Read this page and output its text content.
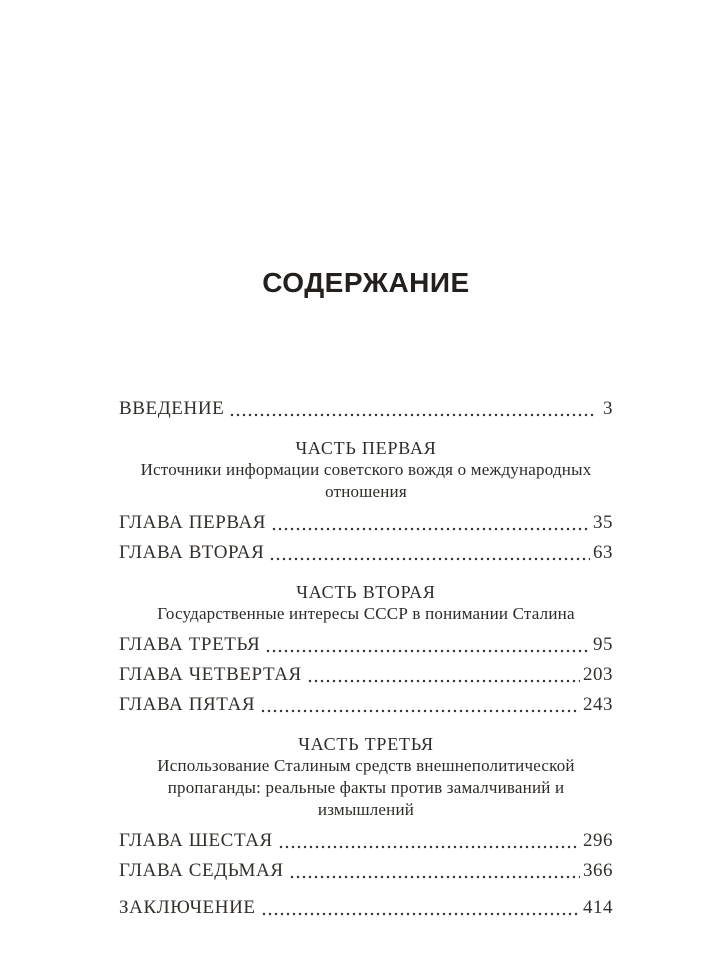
СОДЕРЖАНИЕ
ВВЕДЕНИЕ	3
ЧАСТЬ ПЕРВАЯ
Источники информации советского вождя о международных отношения
ГЛАВА ПЕРВАЯ	35
ГЛАВА ВТОРАЯ	63
ЧАСТЬ ВТОРАЯ
Государственные интересы СССР в понимании Сталина
ГЛАВА ТРЕТЬЯ	95
ГЛАВА ЧЕТВЕРТАЯ	203
ГЛАВА ПЯТАЯ	243
ЧАСТЬ ТРЕТЬЯ
Использование Сталиным средств внешнеполитической пропаганды: реальные факты против замалчиваний и измышлений
ГЛАВА ШЕСТАЯ	296
ГЛАВА СЕДЬМАЯ	366
ЗАКЛЮЧЕНИЕ	414
